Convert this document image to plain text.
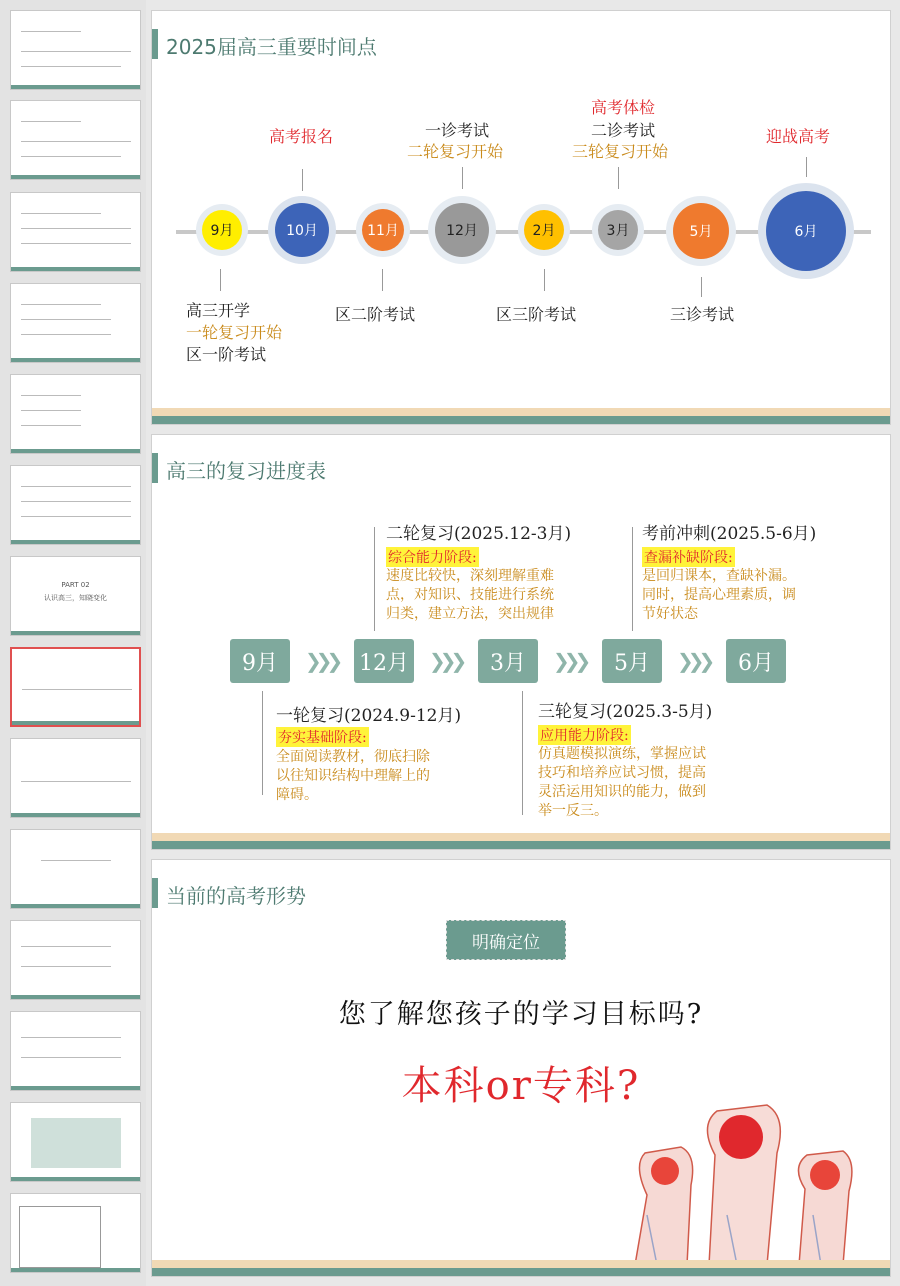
PART 02
认识高三，知晓变化
2025届高三重要时间点
9月	10月	11月	12月	2月	3月	5月	6月
高三开学
一轮复习开始
区一阶考试
高考报名
区二阶考试
一诊考试
二轮复习开始
区三阶考试
高考体检
二诊考试
三轮复习开始
三诊考试
迎战高考
高三的复习进度表
二轮复习(2025.12-3月)
综合能力阶段:
速度比较快，深刻理解重难
点，对知识、技能进行系统
归类，建立方法，突出规律
考前冲刺(2025.5-6月)
查漏补缺阶段:
是回归课本，查缺补漏。
同时，提高心理素质，调
节好状态
9月	❯❯❯ 12月 ❯❯❯	3月	❯❯❯	5月	❯❯❯	6月
一轮复习(2024.9-12月)
夯实基础阶段:
全面阅读教材，彻底扫除
以往知识结构中理解上的
障碍。
三轮复习(2025.3-5月)
应用能力阶段:
仿真题模拟演练，掌握应试
技巧和培养应试习惯，提高
灵活运用知识的能力，做到
举一反三。
当前的高考形势
明确定位
您了解您孩子的学习目标吗?
本科or专科?
